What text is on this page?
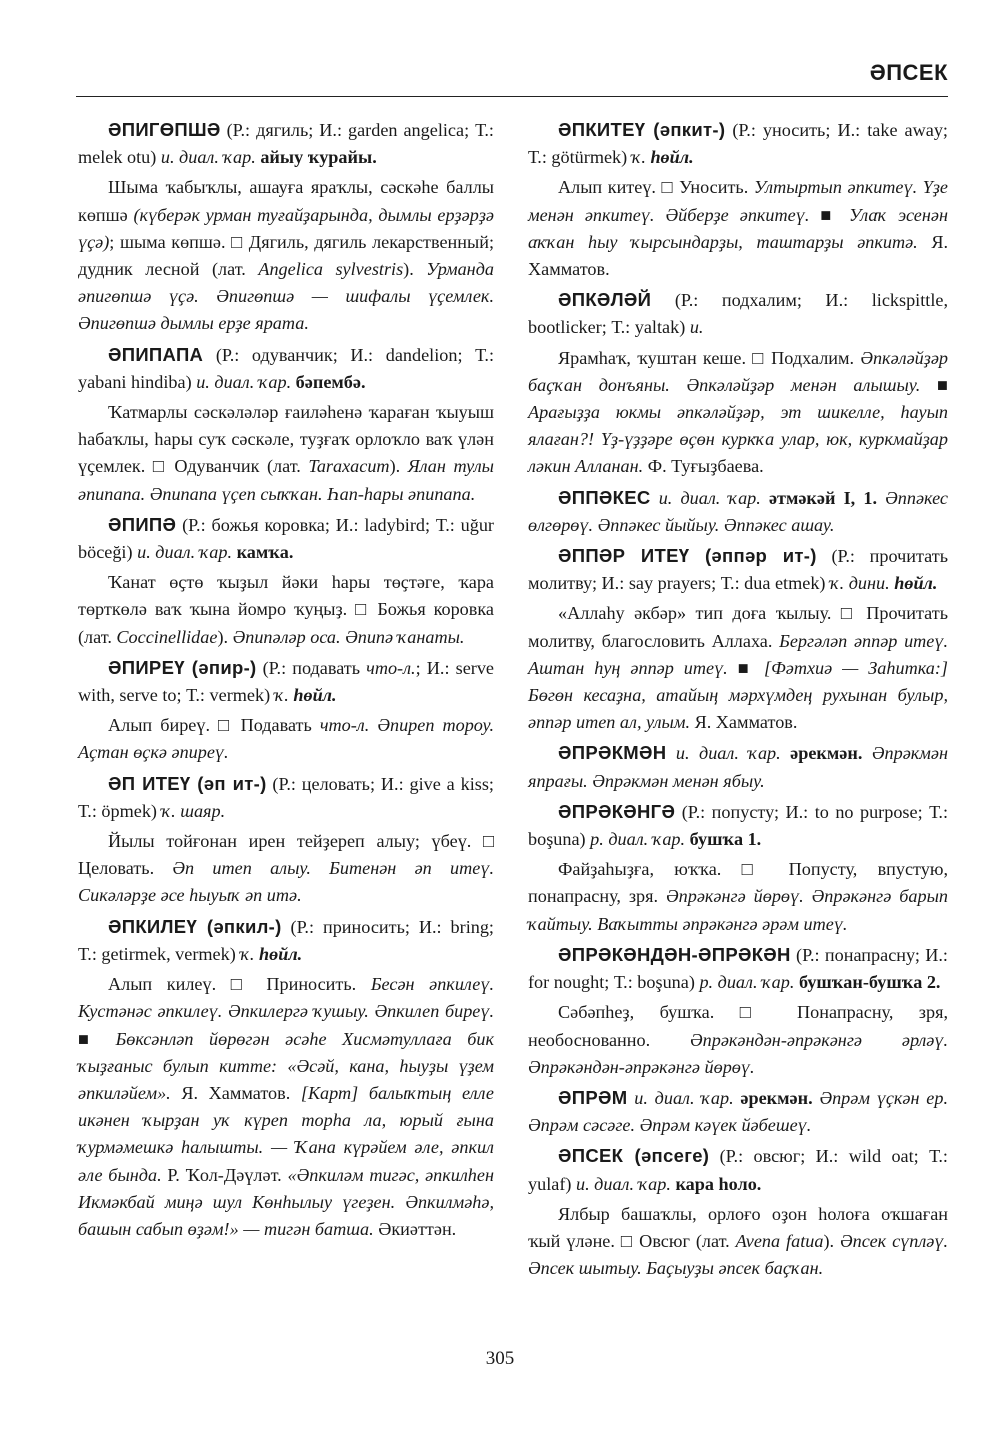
ӘПСЕК

ӘПИГӨПШӘ (Р.: дягиль; И.: garden angelica; Т.: melek otu) и. диал. ҡар. айыу ҡурайы.

Шыма ҡабыҡлы, ашауға яраҡлы, сәскәһе баллы көпшә (күберәк урман туғайҙарында, дымлы ерҙәрҙә үҫә); шыма көпшә. □ Дягиль, дягиль лекарственный; дудник лесной (лат. Angelica sylvestris). Урманда әпигөпшә үҫә. Әпигөпшә — шифалы үҫемлек. Әпигөпшә дымлы ерҙе ярата.

ӘПИПАПА (Р.: одуванчик; И.: dandelion; Т.: yabani hindiba) и. диал. ҡар. бәпембә.

Ҡатмарлы сәскәләләр ғаиләһенә ҡараған ҡыуыш һабаҡлы, һары суҡ сәскәле, туҙғаҡ орлоҡло ваҡ үлән үҫемлек. □ Одуванчик (лат. Taraxacum). Ялан тулы әпипапа. Әпипапа үҫеп сыҡҡан. Һап-һары әпипапа.

ӘПИПӘ (Р.: божья коровка; И.: ladybird; Т.: uğur böceği) и. диал. ҡар. камҡа.

Ҡанат өҫтө ҡыҙыл йәки һары төҫтәге, ҡара төрткөлә ваҡ ҡына йомро ҡуңыҙ. □ Божья коровка (лат. Coccinellidae). Әпипәләр оса. Әпипә ҡанаты.

ӘПИРЕҮ (әпир-) (Р.: подавать что-л.; И.: serve with, serve to; Т.: vermek) ҡ. һөйл.

Алып биреү. □ Подавать что-л. Әпиреп тороу. Аҫтан өҫкә әпиреү.

ӘП ИТЕҮ (әп ит-) (Р.: целовать; И.: give a kiss; Т.: öpmek) ҡ. шаяр.

Йылы тойғонан ирен тейҙереп алыу; үбеү. □ Целовать. Әп итеп алыу. Битенән әп итеү. Сикәләрҙе әсе һыуыҡ әп итә.

ӘПКИЛЕҮ (әпкил-) (Р.: приносить; И.: bring; Т.: getirmek, vermek) ҡ. һөйл.

Алып килеү. □ Приносить. Бесән әпкилеү. Кустәнәс әпкилеү. Әпкилергә ҡушыу. Әпкилеп биреү. ■ Бөксәнләп йөрөгән әсәһе Хисмәтуллаға бик ҡыҙғаныс булып китте: «Әсәй, кана, һыуҙы үҙем әпкиләйем». Я. Хамматов. [Карт] балыҡтың елле икәнен ҡырҙан уҡ күреп торһа ла, юрый ғына ҡурмәмешкә һалышты. — Ҡана күрәйем әле, әпкил әле бында. Р. Ҡол-Дәүләт. «Әпкиләм тигәс, әпкилһен Икмәкбай миңә шул Көнһылыу үгеҙен. Әпкилмәһә, башын сабып өҙәм!» — тигән батша. Әкиәттән.

ӘПКИТЕҮ (әпкит-) (Р.: уносить; И.: take away; Т.: götürmek) ҡ. һөйл.

Алып китеү. □ Уносить. Ултыртып әпкитеү. Үҙе менән әпкитеү. Әйберҙе әпкитеү. ■ Улаҡ эсенән аҡҡан һыу ҡырсындарҙы, таштарҙы әпкитә. Я. Хамматов.

ӘПКӘЛӘЙ (Р.: подхалим; И.: lickspittle, bootlicker; Т.: yaltak) и.

Ярамһаҡ, ҡуштан кеше. □ Подхалим. Әпкәләйҙәр баҫҡан донъяны. Әпкәләйҙәр менән алышыу. ■ Арағыҙҙа юкмы әпкәләйҙәр, эт шикелле, һауып ялаған?! Үҙ-үҙҙәре өҫөн куркҡа улар, юк, куркмайҙар ләкин Алланан. Ф. Туғыҙбаева.

ӘППӘКЕС и. диал. ҡар. әтмәкәй I, 1. Әппәкес өлгөрөү. Әппәкес йыйыу. Әппәкес ашау.

ӘППӘР ИТЕҮ (әппәр ит-) (Р.: прочитать молитву; И.: say prayers; Т.: dua etmek) ҡ. дини. һөйл.

«Аллаһу әкбәр» тип доға ҡылыу. □ Прочитать молитву, благословить Аллаха. Бергәләп әппәр итеү. Аштан һуң әппәр итеү. ■ [Фәтхиә — Заһитка:] Бөгөн кесаҙна, атайың мәрхүмдең рухынан булыр, әппәр итеп ал, улым. Я. Хамматов.

ӘПРӘКМӘН и. диал. ҡар. әрекмән. Әпрәкмән япрағы. Әпрәкмән менән ябыу.

ӘПРӘКӘНГӘ (Р.: попусту; И.: to no purpose; Т.: boşuna) р. диал. ҡар. бушҡа 1.

Файҙаһыҙға, юҡҡа. □ Попусту, впустую, понапрасну, зря. Әпрәкәнгә йөрөү. Әпрәкәнгә барып ҡайтыу. Ваҡытты әпрәкәнгә әрәм итеү.

ӘПРӘКӘНДӘН-ӘПРӘКӘН (Р.: понапрасну; И.: for nought; Т.: boşuna) р. диал. ҡар. бушҡан-бушҡа 2.

Сәбәпһеҙ, бушҡа. □ Понапрасну, зря, необоснованно. Әпрәкәндән-әпрәкәнгә әрләү. Әпрәкәндән-әпрәкәнгә йөрөү.

ӘПРӘМ и. диал. ҡар. әрекмән. Әпрәм үҫкән ер. Әпрәм сәсәге. Әпрәм кәүек йәбешеү.

ӘПСЕК (әпсеге) (Р.: овсюг; И.: wild oat; Т.: yulaf) и. диал. ҡар. кара һоло.

Ялбыр башаҡлы, орлоғо оҙон һолоға оҡшаған ҡый үләне. □ Овсюг (лат. Avena fatua). Әпсек сүпләү. Әпсек шытыу. Баҫыуҙы әпсек баҫҡан.

305
